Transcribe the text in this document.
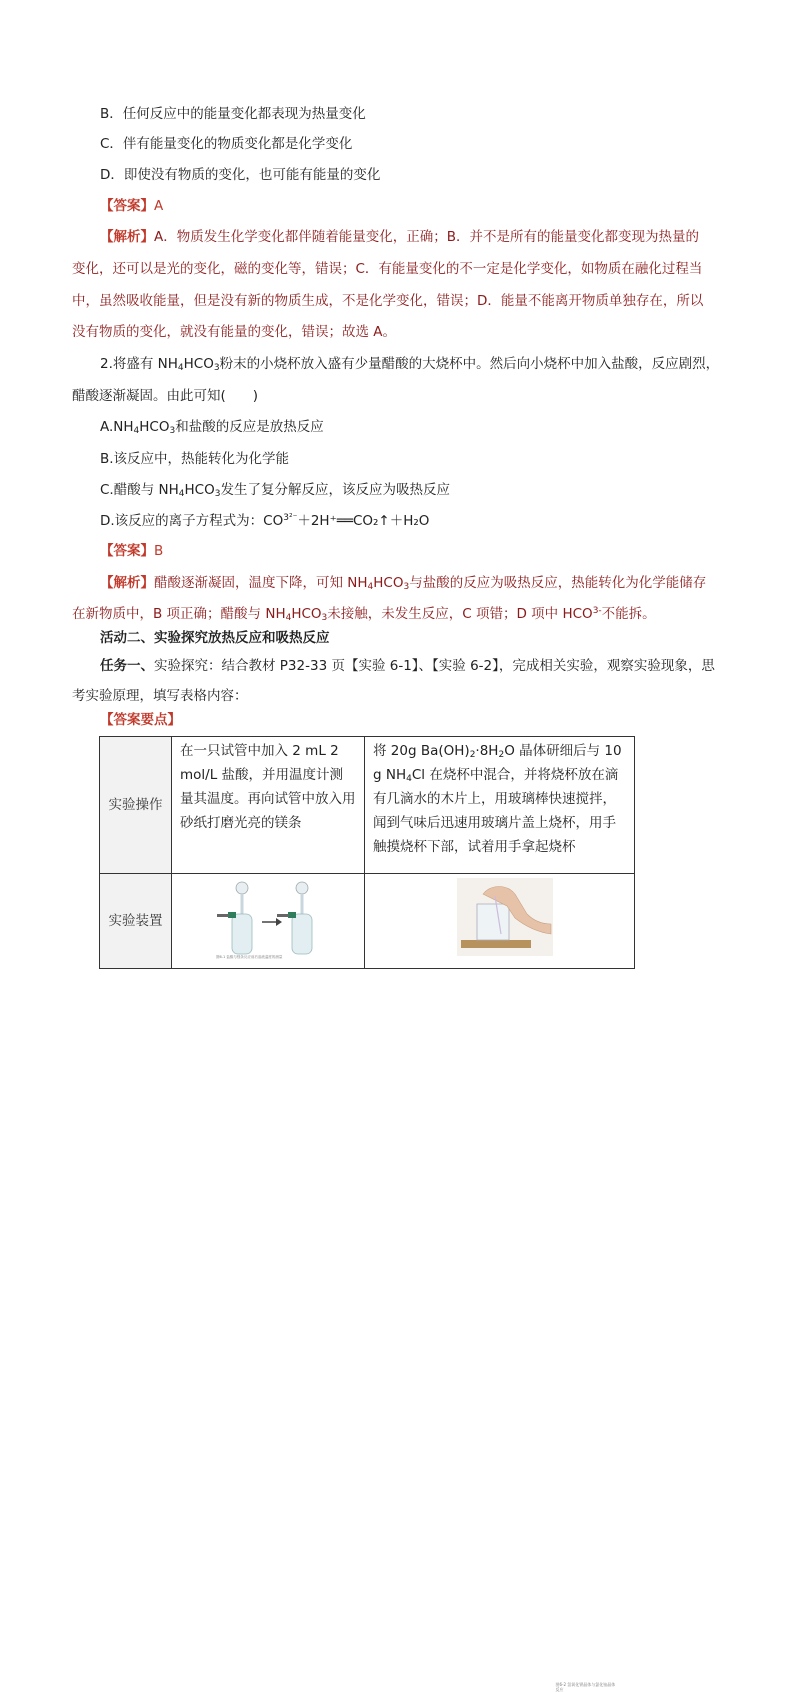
B．任何反应中的能量变化都表现为热量变化
C．伴有能量变化的物质变化都是化学变化
D．即使没有物质的变化，也可能有能量的变化
【答案】A
【解析】A．物质发生化学变化都伴随着能量变化，正确；B．并不是所有的能量变化都变现为热量的
变化，还可以是光的变化，磁的变化等，错误；C．有能量变化的不一定是化学变化，如物质在融化过程当
中，虽然吸收能量，但是没有新的物质生成，不是化学变化，错误；D．能量不能离开物质单独存在，所以
没有物质的变化，就没有能量的变化，错误；故选 A。
2.将盛有 $NH_4HCO_3$粉末的小烧杯放入盛有少量醋酸的大烧杯中。然后向小烧杯中加入盐酸，反应剧烈，
醋酸逐渐凝固。由此可知(　　)
$A.NH_4HCO_3$和盐酸的反应是放热反应
B.该反应中，热能转化为化学能
C.醋酸与 $NH_4HCO_3$发生了复分解反应，该反应为吸热反应
D.该反应的离子方程式为：$CO^{3^{2-}}+2H^+══CO_2↑+H_2O$
【答案】B
【解析】醋酸逐渐凝固，温度下降，可知 $NH_4HCO_3$与盐酸的反应为吸热反应，热能转化为化学能储存
在新物质中，B 项正确；醋酸与 $NH_4HCO_3$未接触，未发生反应，C 项错；D 项中 $HCO^{3-}$不能拆。
活动二、实验探究放热反应和吸热反应
任务一、实验探究：结合教材 P32-33 页【实验 6-1】、【实验 6-2】，完成相关实验，观察实验现象，思
考实验原理，填写表格内容：
【答案要点】
实验操作	在一只试管中加入 2 mL 2 mol/L 盐酸，并用温度计测量其温度。再向试管中放入用砂纸打磨光亮的镁条	将 20g $Ba(OH)_2\cdot 8H_2O$ 晶体研细后与 10g $NH_4Cl$ 在烧杯中混合，并将烧杯放在滴有几滴水的木片上，用玻璃棒快速搅拌，闻到气味后迅速用玻璃片盖上烧杯，用手触摸烧杯下部，试着用手拿起烧杯
实验装置	图6-1 盐酸与镁条反应前后溶液温度的测量	图6-2 氢氧化钡晶体与氯化铵晶体反应
